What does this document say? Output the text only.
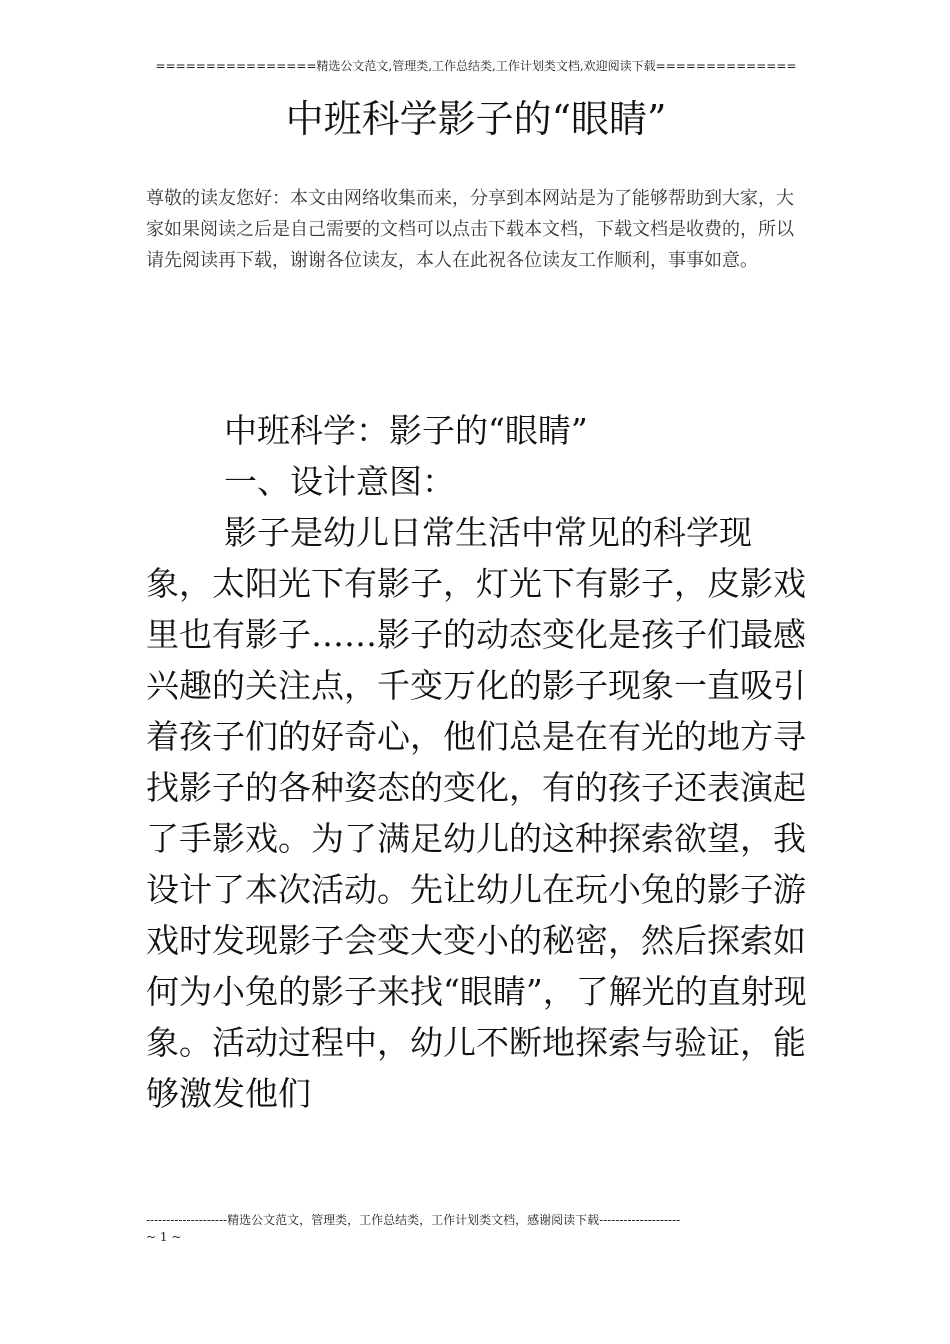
================精选公文范文,管理类,工作总结类,工作计划类文档,欢迎阅读下载==============
中班科学影子的“眼睛”
尊敬的读友您好：本文由网络收集而来，分享到本网站是为了能够帮助到大家，大家如果阅读之后是自己需要的文档可以点击下载本文档，下载文档是收费的，所以请先阅读再下载，谢谢各位读友，本人在此祝各位读友工作顺利，事事如意。

中班科学：影子的“眼睛”

一、设计意图：

影子是幼儿日常生活中常见的科学现象，太阳光下有影子，灯光下有影子，皮影戏里也有影子……影子的动态变化是孩子们最感兴趣的关注点，千变万化的影子现象一直吸引着孩子们的好奇心，他们总是在有光的地方寻找影子的各种姿态的变化，有的孩子还表演起了手影戏。为了满足幼儿的这种探索欲望，我设计了本次活动。先让幼儿在玩小兔的影子游戏时发现影子会变大变小的秘密，然后探索如何为小兔的影子来找“眼睛”，了解光的直射现象。活动过程中，幼儿不断地探索与验证，能够激发他们

--------------------精选公文范文，管理类，工作总结类，工作计划类文档，感谢阅读下载--------------------
~ 1 ~
